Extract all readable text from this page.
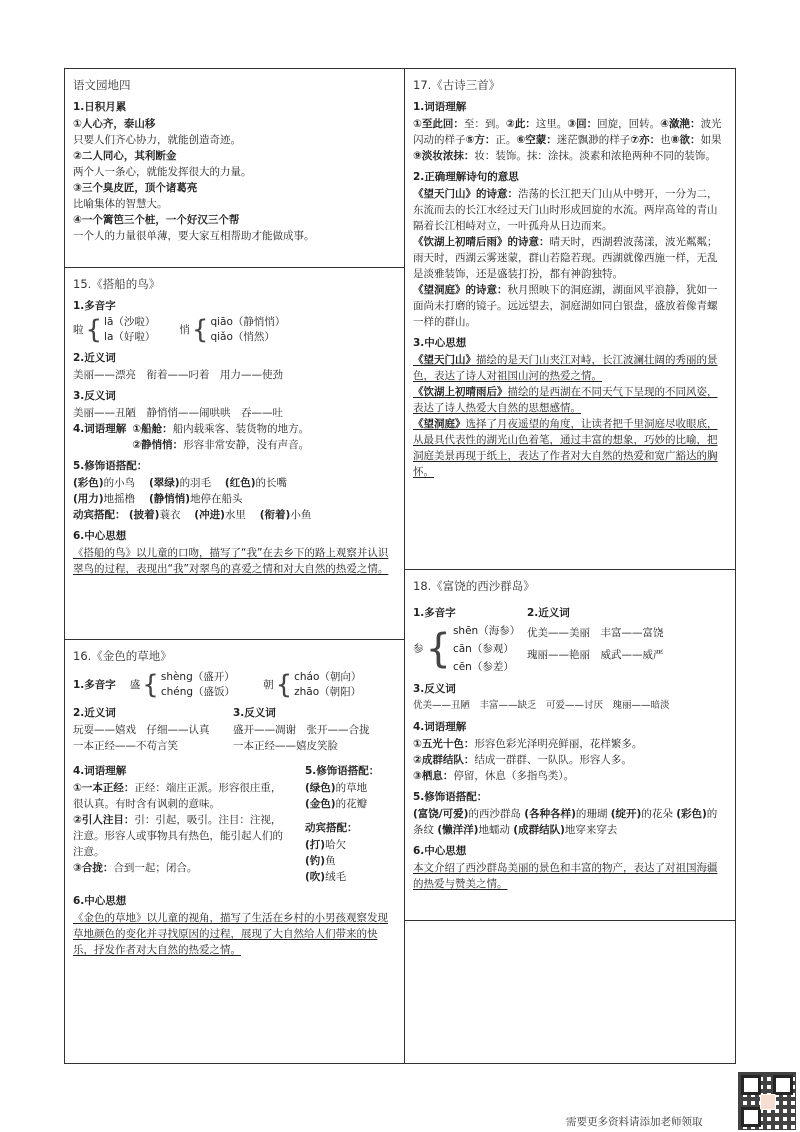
语文园地四
1.日积月累
①人心齐，泰山移
只要人们齐心协力，就能创造奇迹。
②二人同心，其利断金
两个人一条心，就能发挥很大的力量。
③三个臭皮匠，顶个诸葛亮
比喻集体的智慧大。
④一个篱笆三个桩，一个好汉三个帮
一个人的力量很单薄，要大家互相帮助才能做成事。
15.《搭船的鸟》
1.多音字
啦 { lā（沙啦）
la（好啦）
悄 { qiāo（静悄悄）
qiǎo（悄然）
2.近义词
美丽——漂亮　衔着——叼着　用力——使劲
3.反义词
美丽——丑陋　静悄悄——闹哄哄　吞——吐
4.词语理解 ①船舱：船内载乘客、装货物的地方。
②静悄悄：形容非常安静，没有声音。
5.修饰语搭配：
(彩色)的小鸟　 (翠绿)的羽毛　 (红色)的长嘴
(用力)地摇橹　 (静悄悄)地停在船头
动宾搭配： (披着)蓑衣　 (冲进)水里　 (衔着)小鱼
6.中心思想
《搭船的鸟》以儿童的口吻，描写了“我”在去乡下的路上观察并认识翠鸟的过程，表现出“我”对翠鸟的喜爱之情和对大自然的热爱之情。
16.《金色的草地》
1.多音字 盛 { shèng（盛开）
chéng（盛饭）
朝 { cháo（朝向）
zhāo（朝阳）
2.近义词
玩耍——嬉戏　仔细——认真
一本正经——不苟言笑
3.反义词
盛开——凋谢　张开——合拢
一本正经——嬉皮笑脸
4.词语理解
①一本正经：正经：端庄正派。形容很庄重，很认真。有时含有讽刺的意味。
②引人注目：引：引起，吸引。注目：注视，注意。形容人或事物具有热色，能引起人们的注意。
③合拢：合到一起；闭合。
5.修饰语搭配：
(绿色)的草地
(金色)的花瓣
动宾搭配：
(打)哈欠
(钓)鱼
(吹)绒毛
6.中心思想
《金色的草地》以儿童的视角，描写了生活在乡村的小男孩观察发现草地颜色的变化并寻找原因的过程，展现了大自然给人们带来的快乐，抒发作者对大自然的热爱之情。
17.《古诗三首》
1.词语理解
①至此回：至：到。②此：这里。③回：回旋，回转。④潋滟：波光闪动的样子⑤方：正。⑥空蒙：迷茫飘渺的样子⑦亦：也⑧欲：如果⑨淡妆浓抹：妆：装饰。抹：涂抹。淡素和浓艳两种不同的装饰。
2.正确理解诗句的意思
《望天门山》的诗意：浩荡的长江把天门山从中劈开，一分为二，东流而去的长江水经过天门山时形成回旋的水流。两岸高耸的青山隔着长江相峙对立，一叶孤舟从日边而来。
《饮湖上初晴后雨》的诗意：晴天时，西湖碧波荡漾，波光粼粼；雨天时，西湖云雾迷蒙，群山若隐若现。西湖就像西施一样，无乱是淡雅装饰，还是盛装打扮，都有神韵独特。
《望洞庭》的诗意：秋月照映下的洞庭湖，湖面风平浪静，犹如一面尚未打磨的镜子。远远望去，洞庭湖如同白银盘，盛放着像青螺一样的群山。
3.中心思想
《望天门山》描绘的是天门山夹江对峙，长江波澜壮阔的秀丽的景色，表达了诗人对祖国山河的热爱之情。
《饮湖上初晴雨后》描绘的是西湖在不同天气下呈现的不同风姿，表达了诗人热爱大自然的思想感情。
《望洞庭》选择了月夜遥望的角度，让读者把千里洞庭尽收眼底，从最具代表性的湖光山色着笔，通过丰富的想象，巧妙的比喻，把洞庭美景再现于纸上，表达了作者对大自然的热爱和宽广豁达的胸怀。
18.《富饶的西沙群岛》
1.多音字
参 { shēn（海参）
cān（参观）
cēn（参差）
2.近义词
优美——美丽　丰富——富饶
瑰丽——艳丽　威武——威严
3.反义词
优美——丑陋　丰富——缺乏　可爱——讨厌　瑰丽——暗淡
4.词语理解
①五光十色：形容色彩光泽明亮鲜丽，花样繁多。
②成群结队：结成一群群、一队队。形容人多。
③栖息：停留，休息（多指鸟类）。
5.修饰语搭配：
(富饶/可爱)的西沙群岛 (各种各样)的珊瑚 (绽开)的花朵 (彩色)的条纹 (懒洋洋)地蠕动 (成群结队)地穿来穿去
6.中心思想
本文介绍了西沙群岛美丽的景色和丰富的物产，表达了对祖国海疆的热爱与赞美之情。
需要更多资料请添加老师领取
